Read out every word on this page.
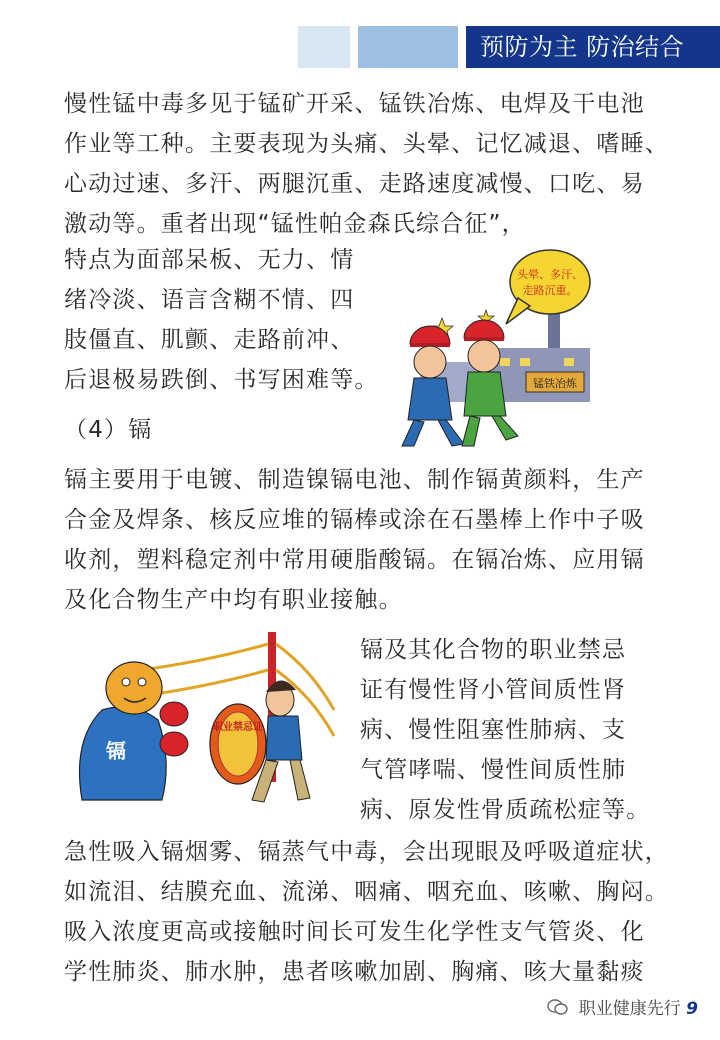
预防为主 防治结合
慢性锰中毒多见于锰矿开采、锰铁冶炼、电焊及干电池
作业等工种。主要表现为头痛、头晕、记忆减退、嗜睡、
心动过速、多汗、两腿沉重、走路速度减慢、口吃、易
激动等。重者出现“锰性帕金森氏综合征”，
特点为面部呆板、无力、情
绪冷淡、语言含糊不情、四
肢僵直、肌颤、走路前冲、
后退极易跌倒、书写困难等。	锰铁冶炼
头晕、多汗、
走路沉重。
（4）镉
镉主要用于电镀、制造镍镉电池、制作镉黄颜料，生产
合金及焊条、核反应堆的镉棒或涂在石墨棒上作中子吸
收剂，塑料稳定剂中常用硬脂酸镉。在镉冶炼、应用镉
及化合物生产中均有职业接触。
镉
职业禁忌证
镉及其化合物的职业禁忌
证有慢性肾小管间质性肾
病、慢性阻塞性肺病、支
气管哮喘、慢性间质性肺
病、原发性骨质疏松症等。
急性吸入镉烟雾、镉蒸气中毒，会出现眼及呼吸道症状，
如流泪、结膜充血、流涕、咽痛、咽充血、咳嗽、胸闷。
吸入浓度更高或接触时间长可发生化学性支气管炎、化
学性肺炎、肺水肿，患者咳嗽加剧、胸痛、咳大量黏痰
职业健康先行 9
